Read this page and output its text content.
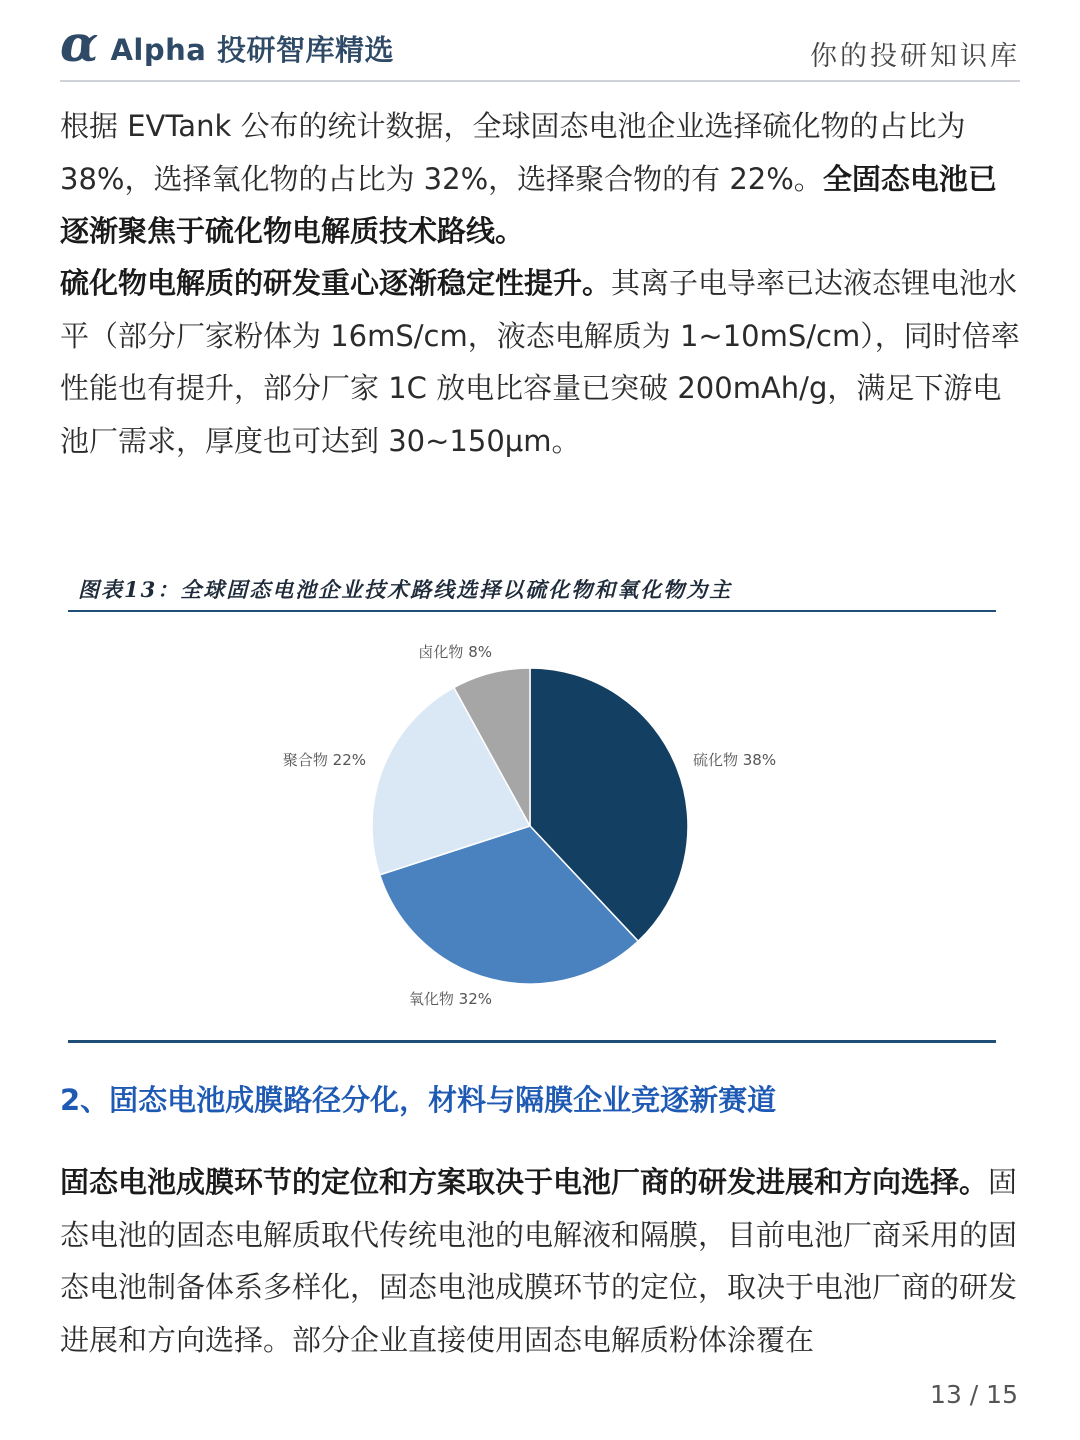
α Alpha 投研智库精选	你的投研知识库

根据 EVTank 公布的统计数据，全球固态电池企业选择硫化物的占比为 38%，选择氧化物的占比为 32%，选择聚合物的有 22%。全固态电池已逐渐聚焦于硫化物电解质技术路线。

硫化物电解质的研发重心逐渐稳定性提升。其离子电导率已达液态锂电池水平（部分厂家粉体为 16mS/cm，液态电解质为 1~10mS/cm），同时倍率性能也有提升，部分厂家 1C 放电比容量已突破 200mAh/g，满足下游电池厂需求，厚度也可达到 30~150μm。

图表13：全球固态电池企业技术路线选择以硫化物和氧化物为主
硫化物 38%
氧化物 32%
聚合物 22%
卤化物 8%
2、固态电池成膜路径分化，材料与隔膜企业竞逐新赛道

固态电池成膜环节的定位和方案取决于电池厂商的研发进展和方向选择。固态电池的固态电解质取代传统电池的电解液和隔膜，目前电池厂商采用的固态电池制备体系多样化，固态电池成膜环节的定位，取决于电池厂商的研发进展和方向选择。部分企业直接使用固态电解质粉体涂覆在

13 / 15
